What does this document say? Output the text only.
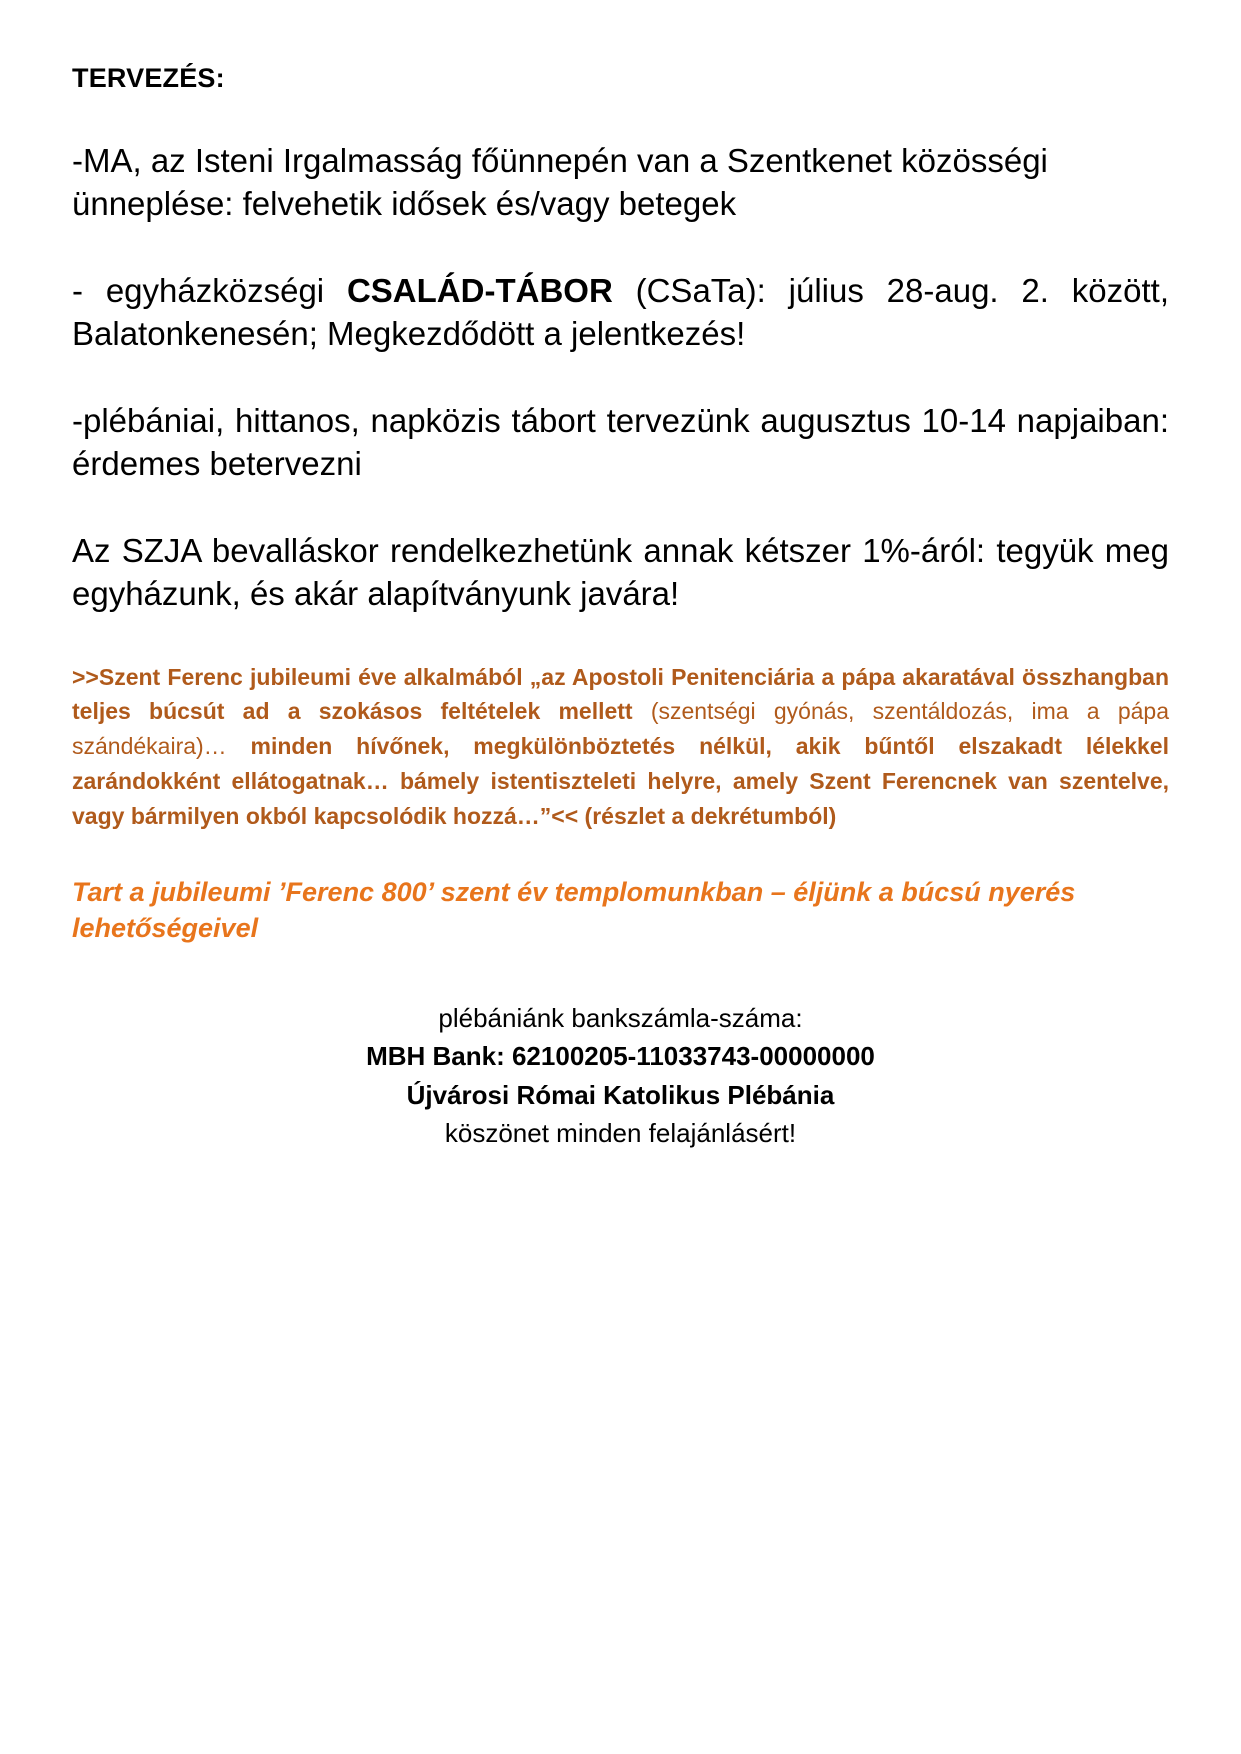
TERVEZÉS:

-MA, az Isteni Irgalmasság főünnepén van a Szentkenet közösségi ünneplése: felvehetik idősek és/vagy betegek

- egyházközségi CSALÁD-TÁBOR (CSaTa): július 28-aug. 2. között, Balatonkenesén; Megkezdődött a jelentkezés!

-plébániai, hittanos, napközis tábort tervezünk augusztus 10-14 napjaiban: érdemes betervezni

Az SZJA bevalláskor rendelkezhetünk annak kétszer 1%-áról: tegyük meg egyházunk, és akár alapítványunk javára!

>>Szent Ferenc jubileumi éve alkalmából „az Apostoli Penitenciária a pápa akaratával összhangban teljes búcsút ad a szokásos feltételek mellett (szentségi gyónás, szentáldozás, ima a pápa szándékaira)… minden hívőnek, megkülönböztetés nélkül, akik bűntől elszakadt lélekkel zarándokként ellátogatnak… bámely istentiszteleti helyre, amely Szent Ferencnek van szentelve, vagy bármilyen okból kapcsolódik hozzá…”<< (részlet a dekrétumból)

Tart a jubileumi ’Ferenc 800’ szent év templomunkban – éljünk a búcsú nyerés lehetőségeivel

plébániánk bankszámla-száma:
MBH Bank: 62100205-11033743-00000000
Újvárosi Római Katolikus Plébánia
köszönet minden felajánlásért!
